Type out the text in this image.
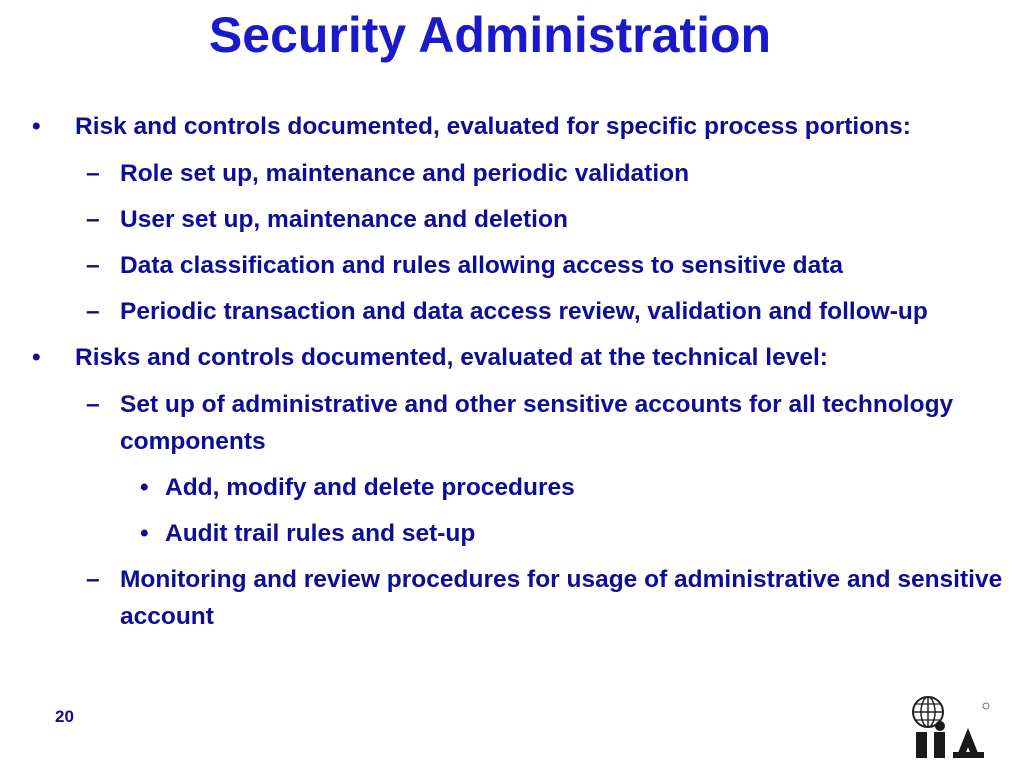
Security Administration
• Risk and controls documented, evaluated for specific process portions:
– Role set up, maintenance and periodic validation
– User set up, maintenance and deletion
– Data classification and rules allowing access to sensitive data
– Periodic transaction and data access review, validation and follow-up
• Risks and controls documented, evaluated at the technical level:
– Set up of administrative and other sensitive accounts for all technology components
• Add, modify and delete procedures
• Audit trail rules and set-up
– Monitoring and review procedures for usage of administrative and sensitive account
20
